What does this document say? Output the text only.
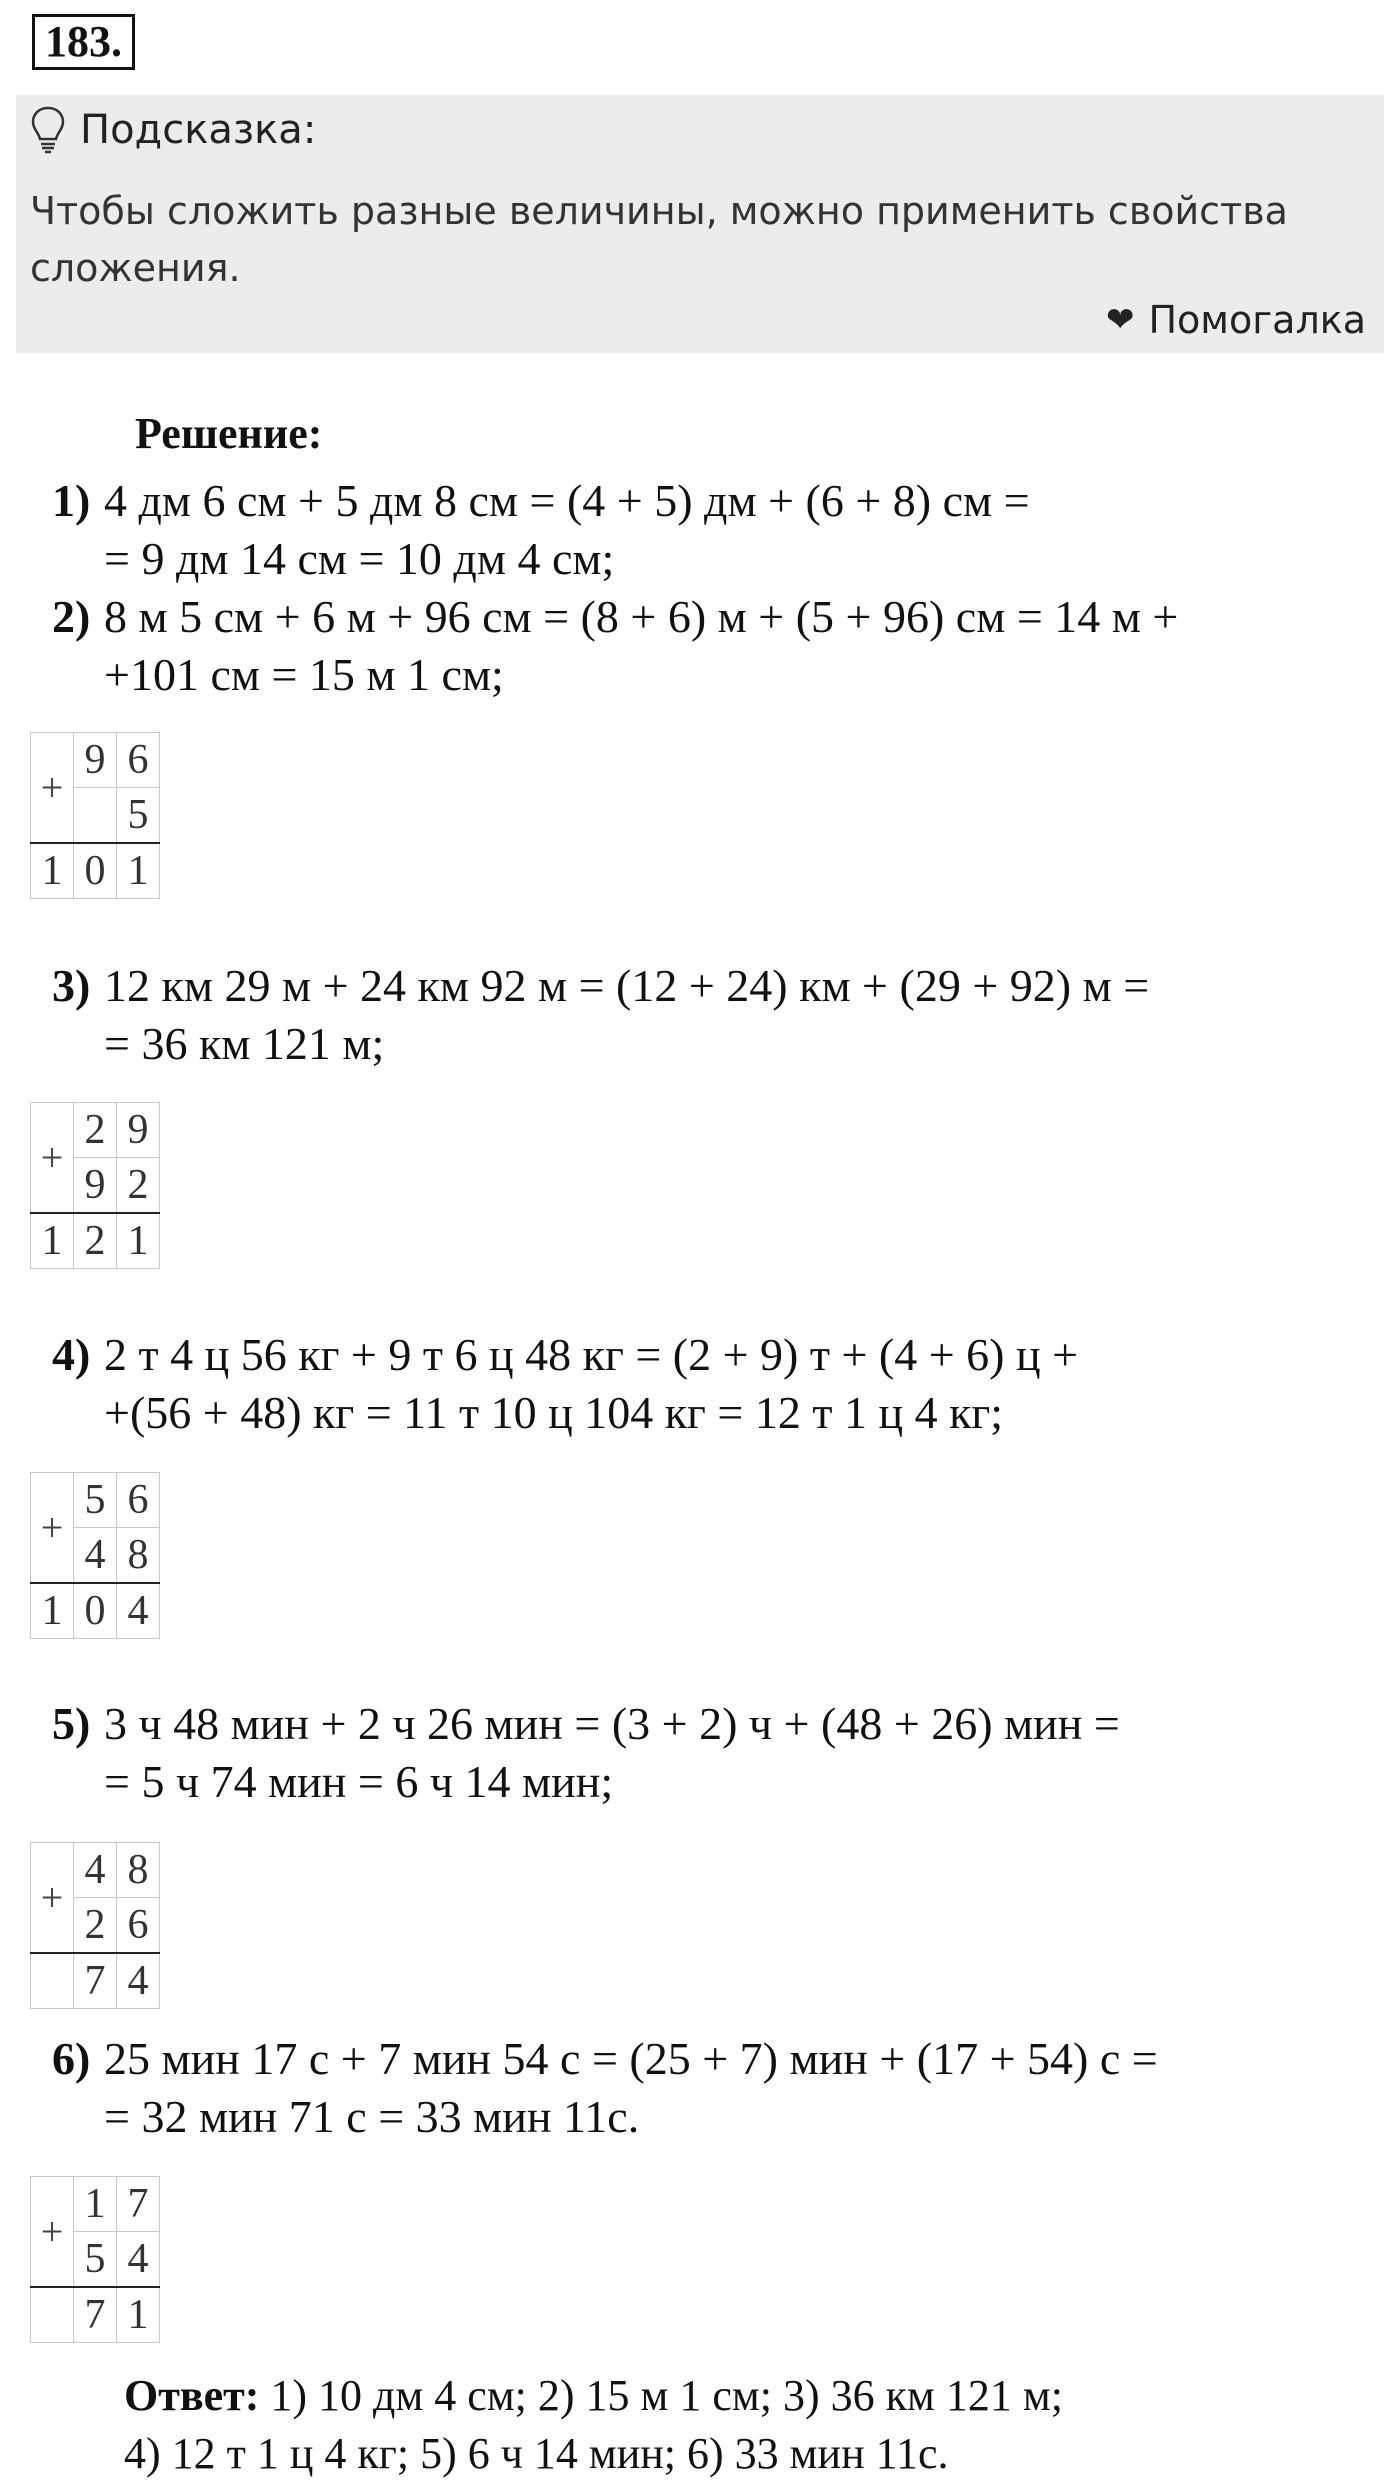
183.
Подсказка:
Чтобы сложить разные величины, можно применить свойства сложения.
❤ Помогалка
Решение:
1) 4 дм 6 см + 5 дм 8 см = (4 + 5) дм + (6 + 8) см =
= 9 дм 14 см = 10 дм 4 см;
2) 8 м 5 см + 6 м + 96 см = (8 + 6) м + (5 + 96) см = 14 м +
+101 см = 15 м 1 см;
+	9	6
		5
1	0	1
3) 12 км 29 м + 24 км 92 м = (12 + 24) км + (29 + 92) м =
= 36 км 121 м;
+	2	9
	9	2
1	2	1
4) 2 т 4 ц 56 кг + 9 т 6 ц 48 кг = (2 + 9) т + (4 + 6) ц +
+(56 + 48) кг = 11 т 10 ц 104 кг = 12 т 1 ц 4 кг;
+	5	6
	4	8
1	0	4
5) 3 ч 48 мин + 2 ч 26 мин = (3 + 2) ч + (48 + 26) мин =
= 5 ч 74 мин = 6 ч 14 мин;
+	4	8
	2	6
	7	4
6) 25 мин 17 с + 7 мин 54 с = (25 + 7) мин + (17 + 54) с =
= 32 мин 71 с = 33 мин 11с.
+	1	7
	5	4
	7	1
Ответ: 1) 10 дм 4 см; 2) 15 м 1 см; 3) 36 км 121 м;
4) 12 т 1 ц 4 кг; 5) 6 ч 14 мин; 6) 33 мин 11с.
